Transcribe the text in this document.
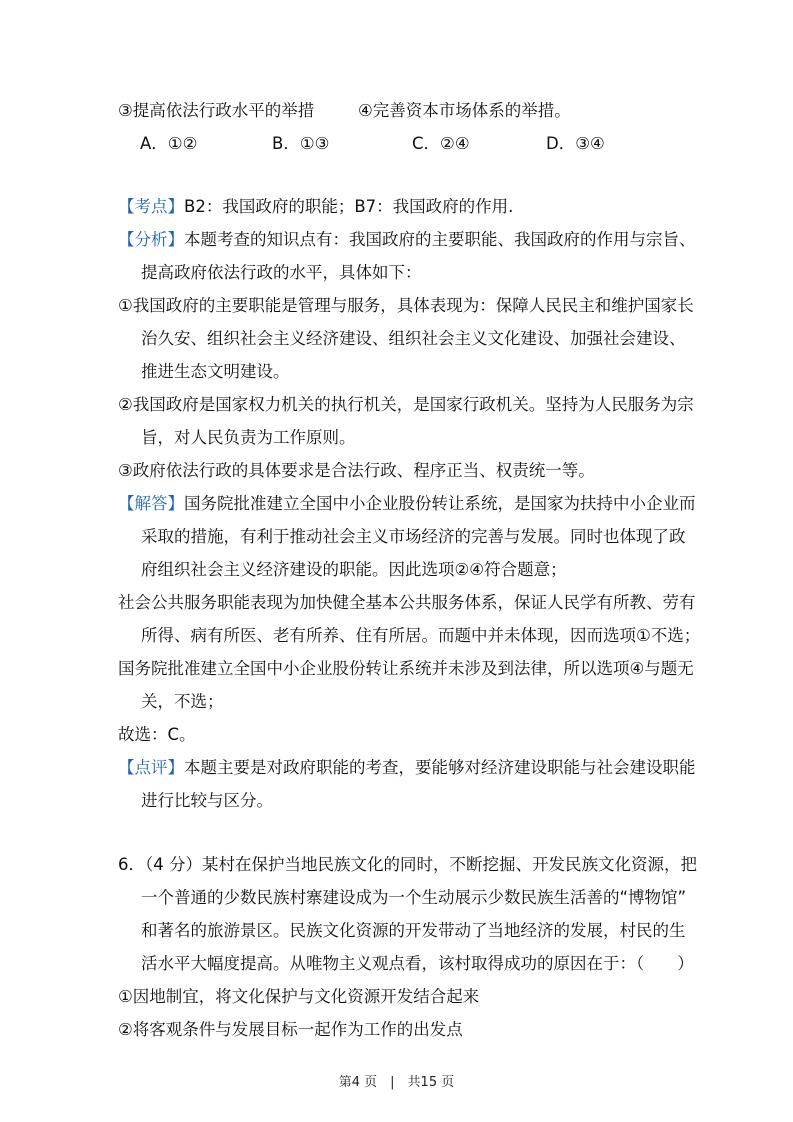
③提高依法行政水平的举措	④完善资本市场体系的举措。
A．①②	B．①③	C．②④	D．③④
【考点】B2：我国政府的职能；B7：我国政府的作用.
【分析】本题考查的知识点有：我国政府的主要职能、我国政府的作用与宗旨、
提高政府依法行政的水平，具体如下：
①我国政府的主要职能是管理与服务，具体表现为：保障人民民主和维护国家长
治久安、组织社会主义经济建设、组织社会主义文化建设、加强社会建设、
推进生态文明建设。
②我国政府是国家权力机关的执行机关，是国家行政机关。坚持为人民服务为宗
旨，对人民负责为工作原则。
③政府依法行政的具体要求是合法行政、程序正当、权责统一等。
【解答】国务院批准建立全国中小企业股份转让系统，是国家为扶持中小企业而
采取的措施，有利于推动社会主义市场经济的完善与发展。同时也体现了政
府组织社会主义经济建设的职能。因此选项②④符合题意；
社会公共服务职能表现为加快健全基本公共服务体系，保证人民学有所教、劳有
所得、病有所医、老有所养、住有所居。而题中并未体现，因而选项①不选；
国务院批准建立全国中小企业股份转让系统并未涉及到法律，所以选项④与题无
关，不选；
故选：C。
【点评】本题主要是对政府职能的考查，要能够对经济建设职能与社会建设职能
进行比较与区分。
6．（4 分）某村在保护当地民族文化的同时，不断挖掘、开发民族文化资源，把
一个普通的少数民族村寨建设成为一个生动展示少数民族生活善的“博物馆”
和著名的旅游景区。民族文化资源的开发带动了当地经济的发展，村民的生
活水平大幅度提高。从唯物主义观点看，该村取得成功的原因在于：（　　）
①因地制宜，将文化保护与文化资源开发结合起来
②将客观条件与发展目标一起作为工作的出发点
第4 页　|　共15 页
